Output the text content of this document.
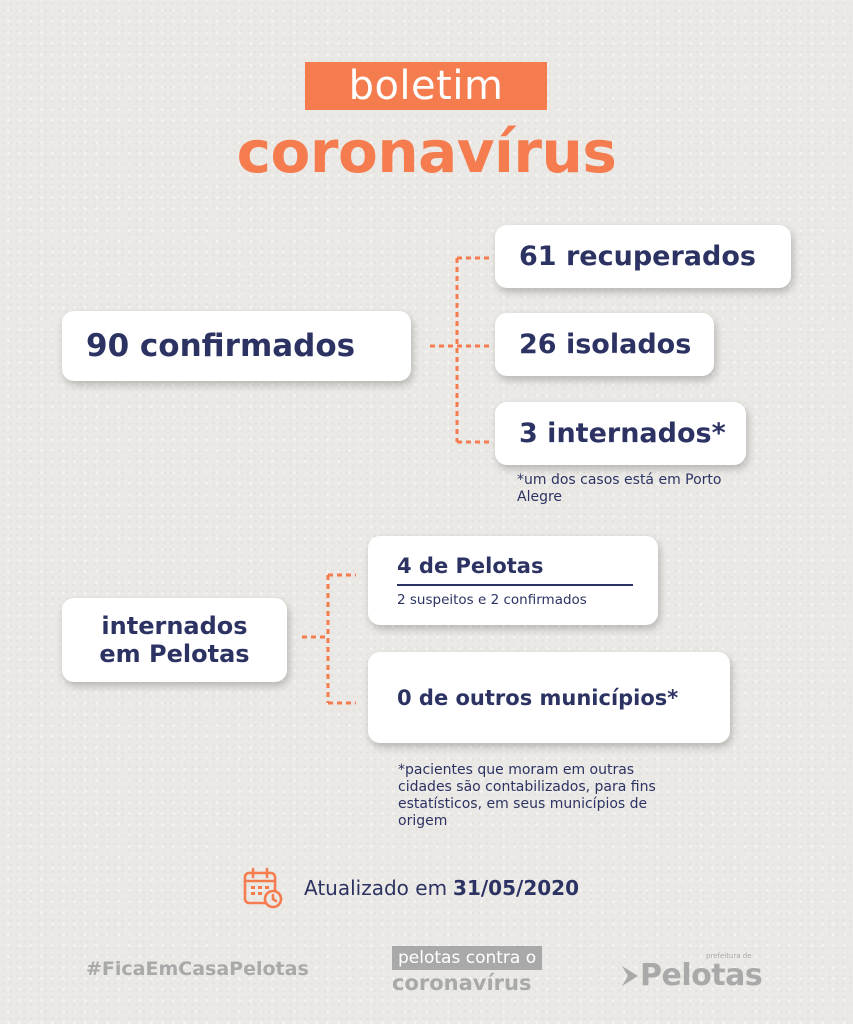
boletim
coronavírus
90 confirmados
61 recuperados
26 isolados
3 internados*
*um dos casos está em Porto Alegre
internados
em Pelotas
4 de Pelotas
2 suspeitos e 2 confirmados
0 de outros municípios*
*pacientes que moram em outras cidades são contabilizados, para fins estatísticos, em seus municípios de origem
Atualizado em 31/05/2020
#FicaEmCasaPelotas	pelotas contra o
coronavírus
prefeitura de
Pelotas
